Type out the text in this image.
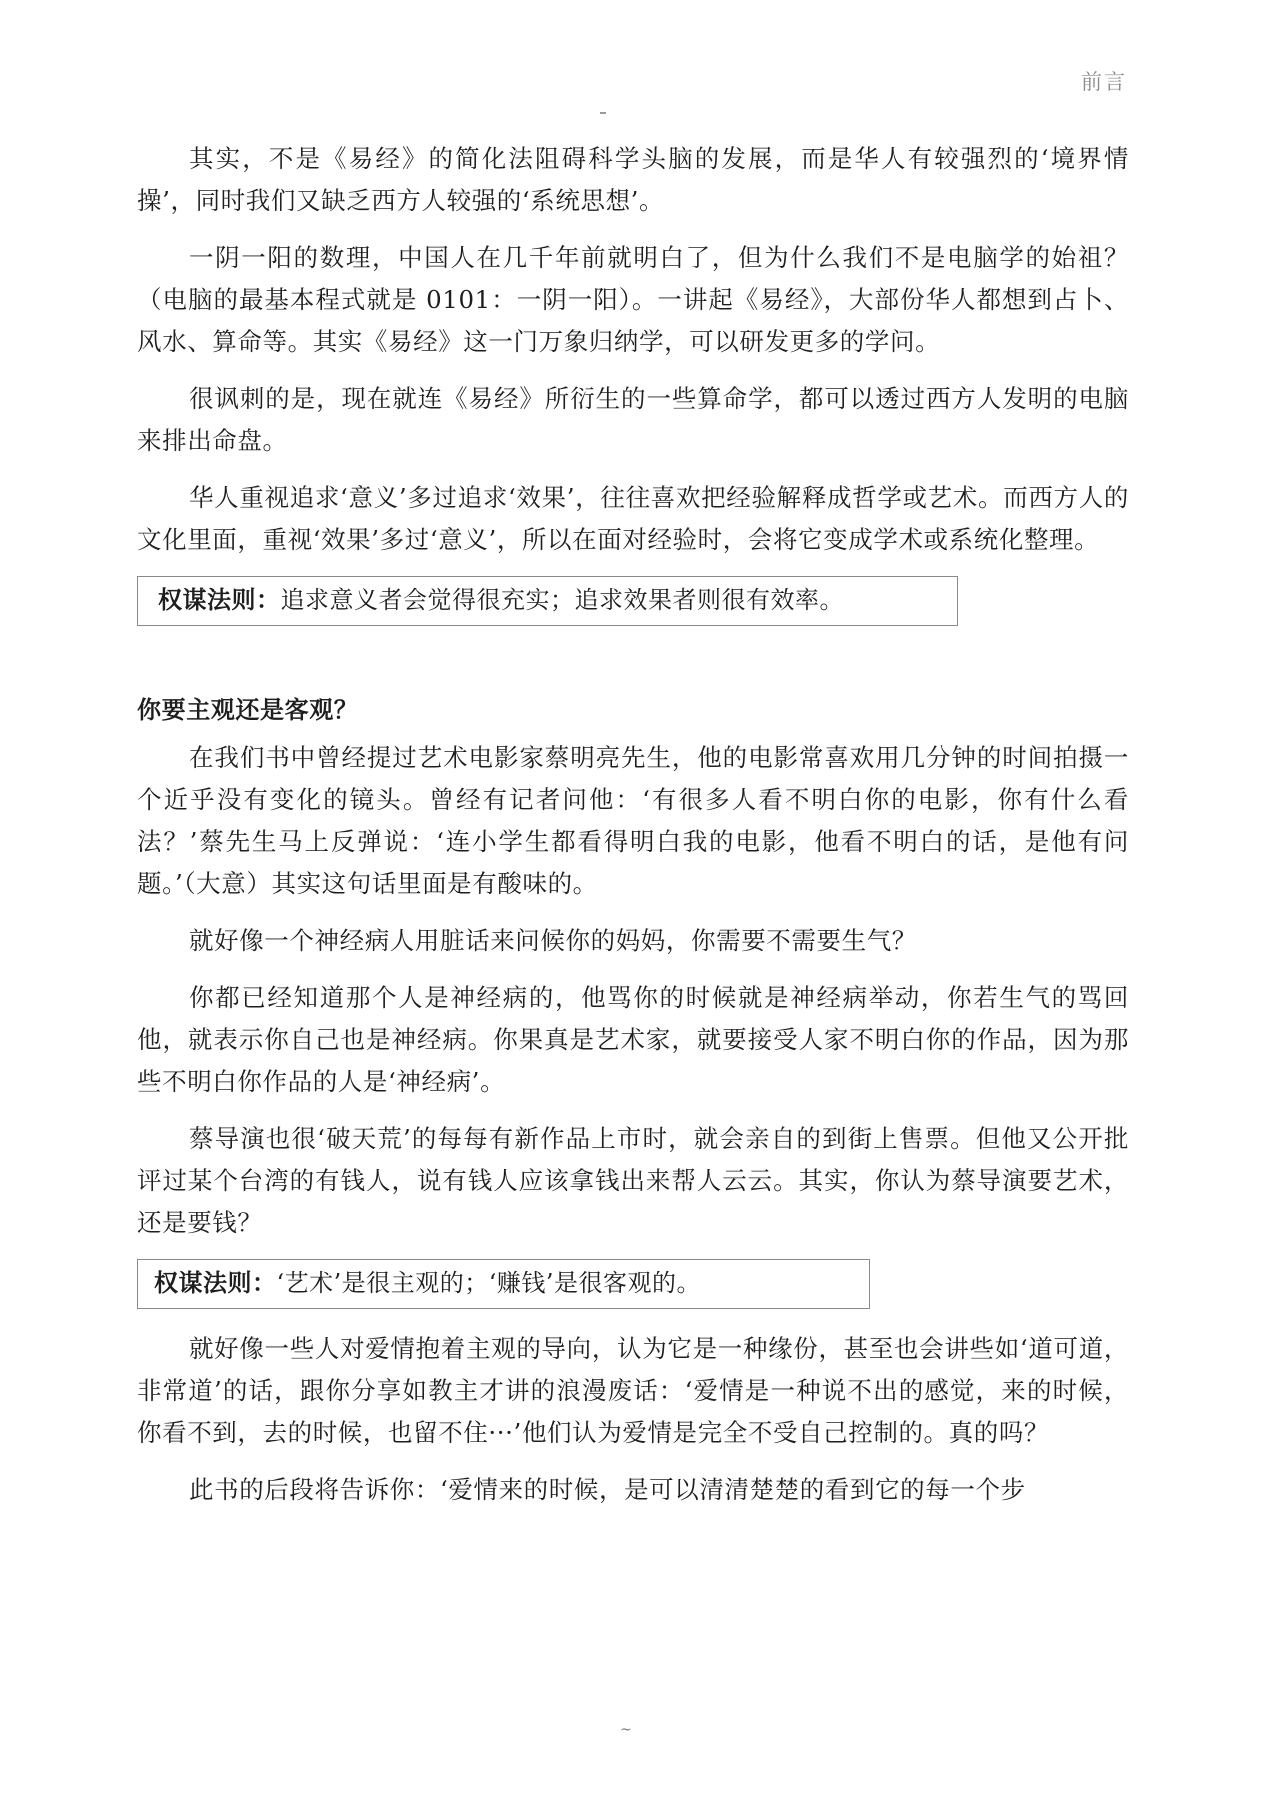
前言

其实，不是《易经》的简化法阻碍科学头脑的发展，而是华人有较强烈的‘境界情操’，同时我们又缺乏西方人较强的‘系统思想’。

一阴一阳的数理，中国人在几千年前就明白了，但为什么我们不是电脑学的始祖？（电脑的最基本程式就是 0101：一阴一阳）。一讲起《易经》，大部份华人都想到占卜、风水、算命等。其实《易经》这一门万象归纳学，可以研发更多的学问。

很讽刺的是，现在就连《易经》所衍生的一些算命学，都可以透过西方人发明的电脑来排出命盘。

华人重视追求‘意义’多过追求‘效果’，往往喜欢把经验解释成哲学或艺术。而西方人的文化里面，重视‘效果’多过‘意义’，所以在面对经验时，会将它变成学术或系统化整理。

权谋法则：追求意义者会觉得很充实；追求效果者则很有效率。
你要主观还是客观？

在我们书中曾经提过艺术电影家蔡明亮先生，他的电影常喜欢用几分钟的时间拍摄一个近乎没有变化的镜头。曾经有记者问他：‘有很多人看不明白你的电影，你有什么看法？’蔡先生马上反弹说：‘连小学生都看得明白我的电影，他看不明白的话，是他有问题。’（大意）其实这句话里面是有酸味的。

就好像一个神经病人用脏话来问候你的妈妈，你需要不需要生气？

你都已经知道那个人是神经病的，他骂你的时候就是神经病举动，你若生气的骂回他，就表示你自己也是神经病。你果真是艺术家，就要接受人家不明白你的作品，因为那些不明白你作品的人是‘神经病’。

蔡导演也很‘破天荒’的每每有新作品上市时，就会亲自的到街上售票。但他又公开批评过某个台湾的有钱人，说有钱人应该拿钱出来帮人云云。其实，你认为蔡导演要艺术，还是要钱？

权谋法则：‘艺术’是很主观的；‘赚钱’是很客观的。

就好像一些人对爱情抱着主观的导向，认为它是一种缘份，甚至也会讲些如‘道可道，非常道’的话，跟你分享如教主才讲的浪漫废话：‘爱情是一种说不出的感觉，来的时候，你看不到，去的时候，也留不住···’他们认为爱情是完全不受自己控制的。真的吗？

此书的后段将告诉你：‘爱情来的时候，是可以清清楚楚的看到它的每一个步

~
